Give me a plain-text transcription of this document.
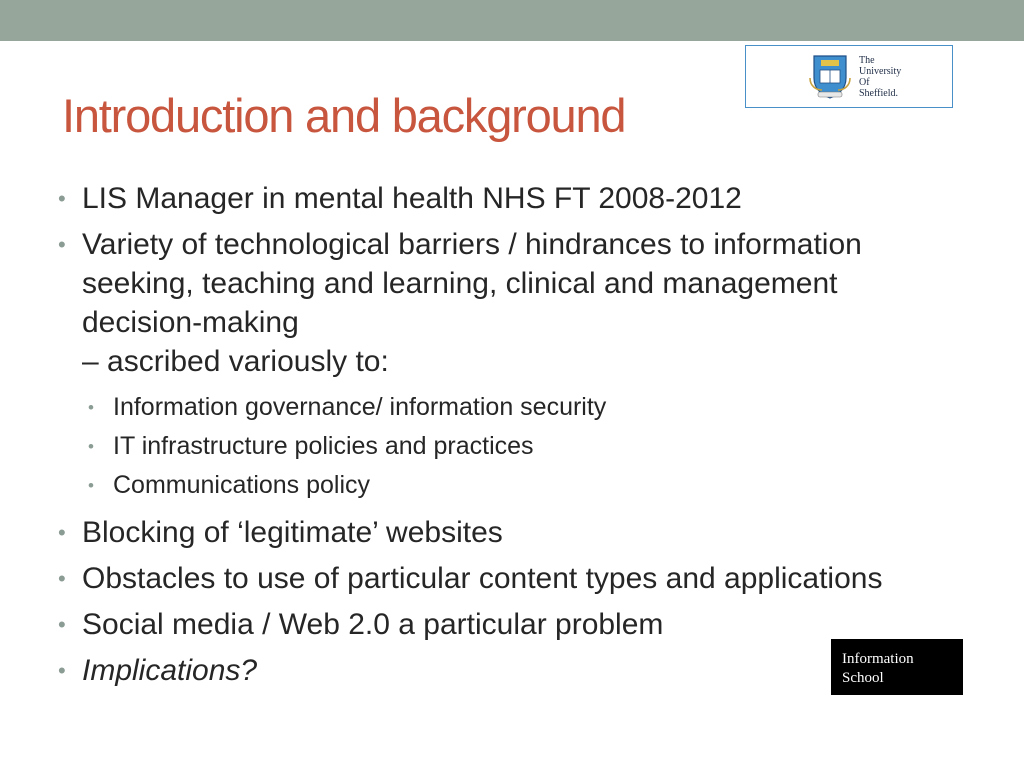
Introduction and background
The
University
Of
Sheffield.
• LIS Manager in mental health NHS FT 2008-2012
• Variety of technological barriers / hindrances to information
seeking, teaching and learning, clinical and management
decision-making
– ascribed variously to:
• Information governance/ information security
• IT infrastructure policies and practices
• Communications policy
• Blocking of ‘legitimate’ websites
• Obstacles to use of particular content types and applications
• Social media / Web 2.0 a particular problem
• Implications?	Information
School
